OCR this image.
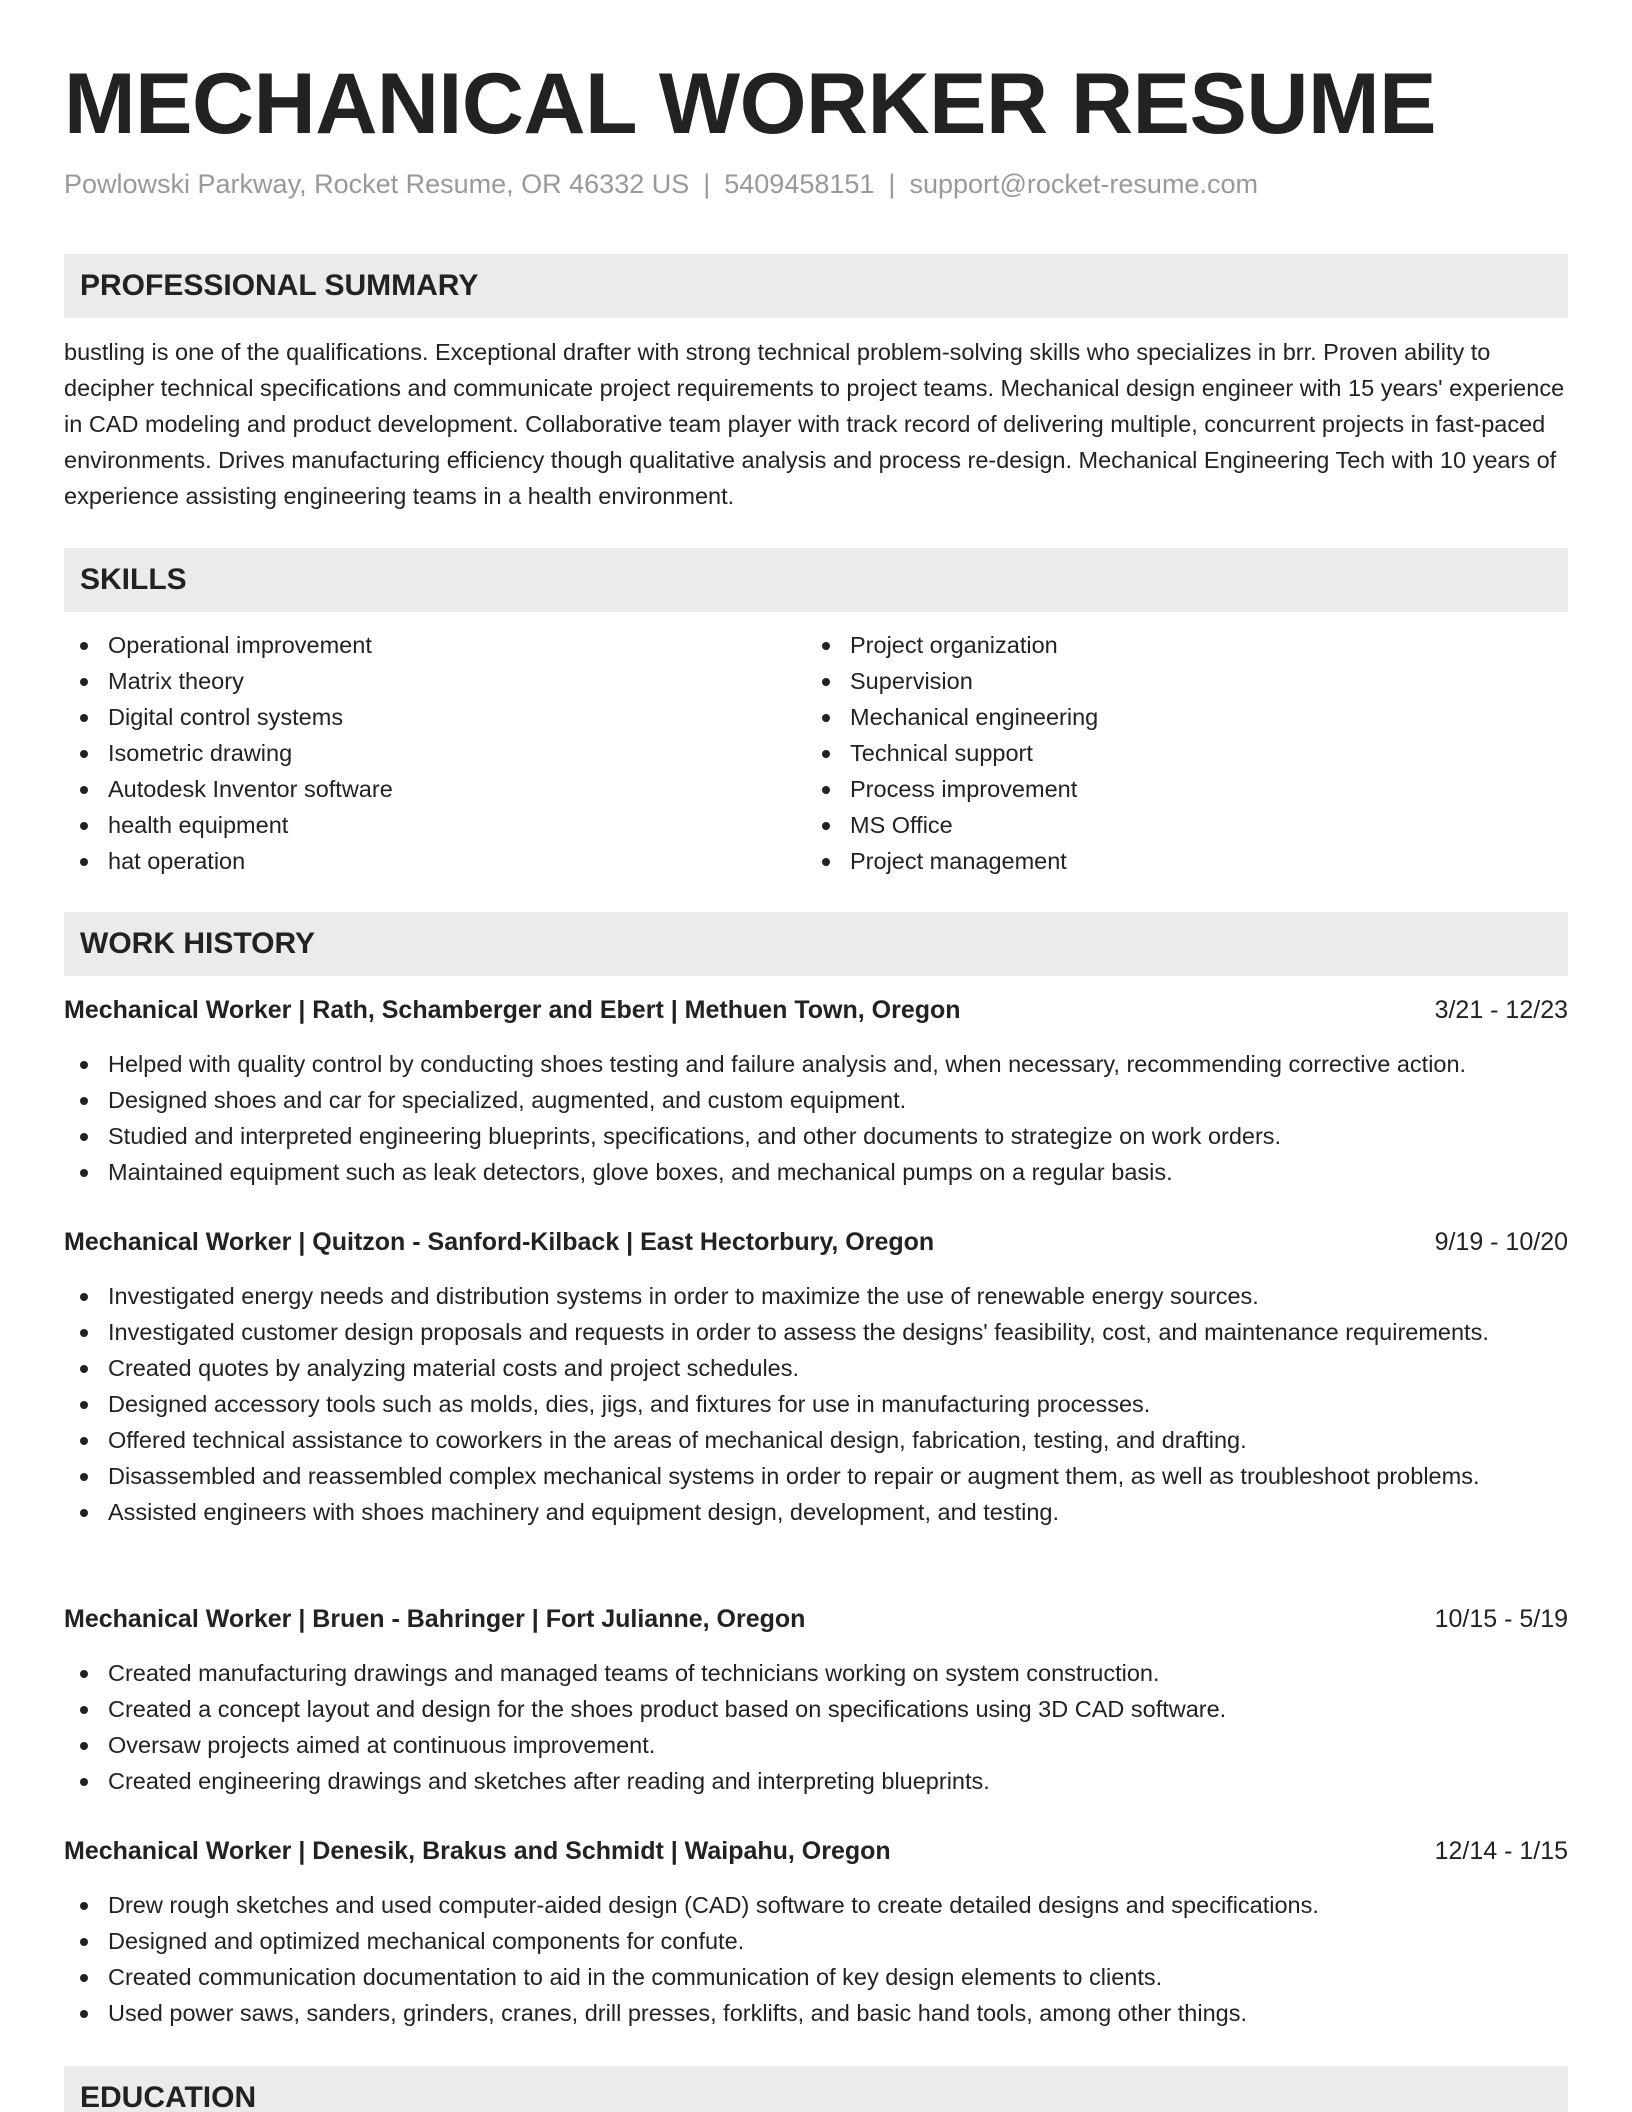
MECHANICAL WORKER RESUME
Powlowski Parkway, Rocket Resume, OR 46332 US | 5409458151 | support@rocket-resume.com
PROFESSIONAL SUMMARY

bustling is one of the qualifications. Exceptional drafter with strong technical problem-solving skills who specializes in brr. Proven ability to decipher technical specifications and communicate project requirements to project teams. Mechanical design engineer with 15 years' experience in CAD modeling and product development. Collaborative team player with track record of delivering multiple, concurrent projects in fast-paced environments. Drives manufacturing efficiency though qualitative analysis and process re-design. Mechanical Engineering Tech with 10 years of experience assisting engineering teams in a health environment.

SKILLS
Operational improvement
Matrix theory
Digital control systems
Isometric drawing
Autodesk Inventor software
health equipment
hat operation
Project organization
Supervision
Mechanical engineering
Technical support
Process improvement
MS Office
Project management
WORK HISTORY
Mechanical Worker | Rath, Schamberger and Ebert | Methuen Town, Oregon	3/21 - 12/23
Helped with quality control by conducting shoes testing and failure analysis and, when necessary, recommending corrective action.
Designed shoes and car for specialized, augmented, and custom equipment.
Studied and interpreted engineering blueprints, specifications, and other documents to strategize on work orders.
Maintained equipment such as leak detectors, glove boxes, and mechanical pumps on a regular basis.
Mechanical Worker | Quitzon - Sanford-Kilback | East Hectorbury, Oregon	9/19 - 10/20
Investigated energy needs and distribution systems in order to maximize the use of renewable energy sources.
Investigated customer design proposals and requests in order to assess the designs' feasibility, cost, and maintenance requirements.
Created quotes by analyzing material costs and project schedules.
Designed accessory tools such as molds, dies, jigs, and fixtures for use in manufacturing processes.
Offered technical assistance to coworkers in the areas of mechanical design, fabrication, testing, and drafting.
Disassembled and reassembled complex mechanical systems in order to repair or augment them, as well as troubleshoot problems.
Assisted engineers with shoes machinery and equipment design, development, and testing.
Mechanical Worker | Bruen - Bahringer | Fort Julianne, Oregon	10/15 - 5/19
Created manufacturing drawings and managed teams of technicians working on system construction.
Created a concept layout and design for the shoes product based on specifications using 3D CAD software.
Oversaw projects aimed at continuous improvement.
Created engineering drawings and sketches after reading and interpreting blueprints.
Mechanical Worker | Denesik, Brakus and Schmidt | Waipahu, Oregon	12/14 - 1/15
Drew rough sketches and used computer-aided design (CAD) software to create detailed designs and specifications.
Designed and optimized mechanical components for confute.
Created communication documentation to aid in the communication of key design elements to clients.
Used power saws, sanders, grinders, cranes, drill presses, forklifts, and basic hand tools, among other things.
EDUCATION
